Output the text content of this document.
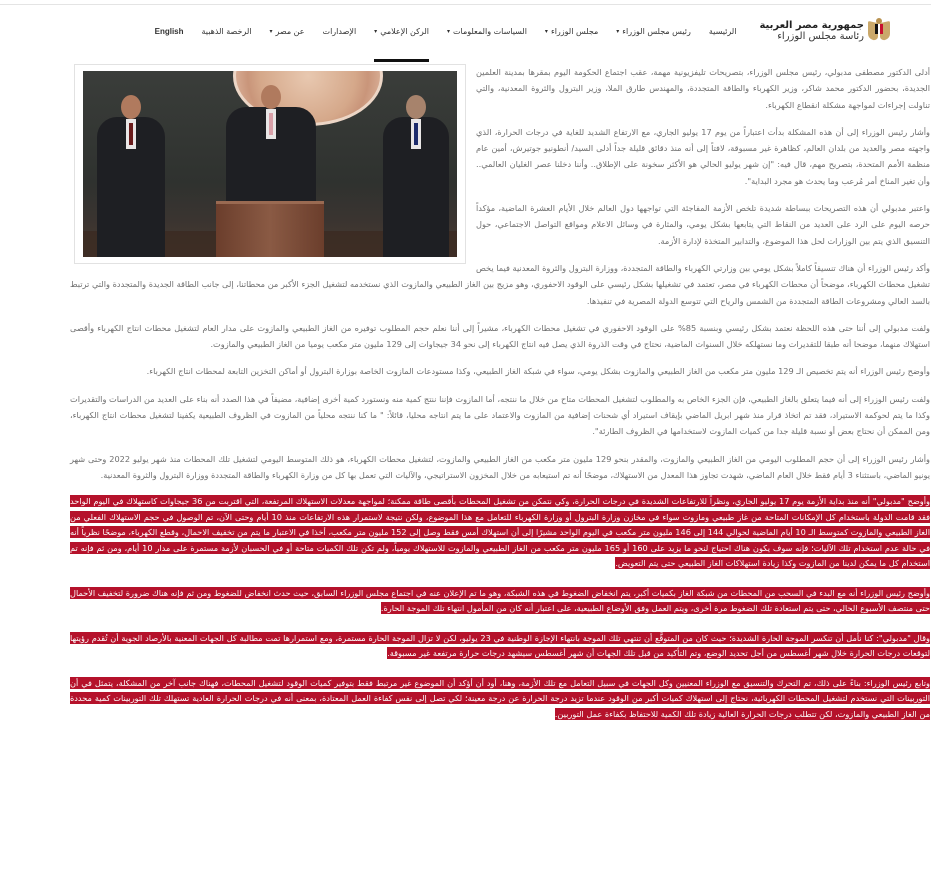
جمهورية مصر العربية
رئاسة مجلس الوزراء
الرئيسية
رئيس مجلس الوزراء
▾
مجلس الوزراء
▾
السياسات والمعلومات
▾
الركن الإعلامي
▾
الإصدارات
عن مصر
▾
الرخصة الذهبية
English

أدلى الدكتور مصطفى مدبولي، رئيس مجلس الوزراء، بتصريحات تليفزيونية مهمة، عقب اجتماع الحكومة اليوم بمقرها بمدينة العلمين الجديدة، بحضور الدكتور محمد شاكر، وزير الكهرباء والطاقة المتجددة، والمهندس طارق الملا، وزير البترول والثروة المعدنية، والتي تناولت إجراءات لمواجهة مشكلة انقطاع الكهرباء.

وأشار رئيس الوزراء إلى أن هذه المشكلة بدأت اعتباراً من يوم 17 يوليو الجاري، مع الارتفاع الشديد للغاية في درجات الحرارة، الذي واجهته مصر والعديد من بلدان العالم، كظاهرة غير مسبوقة، لافتاً إلى أنه منذ دقائق قليلة جداً أدلى السيد/ أنطونيو جوتيرش، أمين عام منظمة الأمم المتحدة، بتصريح مهم، قال فيه: "إن شهر يوليو الحالي هو الأكثر سخونة على الإطلاق.. وأننا دخلنا عصر الغليان العالمي.. وأن تغير المناخ أمر مُرعب وما يحدث هو مجرد البداية".

واعتبر مدبولي أن هذه التصريحات ببساطة شديدة تلخص الأزمة المفاجئة التي تواجهها دول العالم خلال الأيام العشرة الماضية، مؤكداً حرصه اليوم على الرد على العديد من النقاط التي يتابعها بشكل يومي، والمثارة في وسائل الاعلام ومواقع التواصل الاجتماعي، حول التنسيق الذي يتم بين الوزارات لحل هذا الموضوع، والتدابير المتخذة لإدارة الأزمة.

وأكد رئيس الوزراء أن هناك تنسيقاً كاملاً بشكل يومي بين وزارتي الكهرباء والطاقة المتجددة، ووزارة البترول والثروة المعدنية فيما يخص تشغيل محطات الكهرباء، موضحاً أن محطات الكهرباء في مصر، تعتمد في تشغيلها بشكل رئيسي على الوقود الاحفوري، وهو مزيج بين الغاز الطبيعي والمازوت الذي نستخدمه لتشغيل الجزء الأكبر من محطاتنا، إلى جانب الطاقة الجديدة والمتجددة والتي ترتبط بالسد العالي ومشروعات الطاقة المتجددة من الشمس والرياح التي تتوسع الدولة المصرية في تنفيذها.

ولفت مدبولي إلى أننا حتى هذه اللحظة نعتمد بشكل رئيسي وبنسبة 85% على الوقود الاحفوري في تشغيل محطات الكهرباء، مشيراً إلى أننا نعلم حجم المطلوب توفيره من الغاز الطبيعي والمازوت على مدار العام لتشغيل محطات انتاج الكهرباء وأقصى استهلاك منهما، موضحا أنه طبقا للتقديرات وما نستهلكه خلال السنوات الماضية، نحتاج في وقت الذروة الذي يصل فيه انتاج الكهرباء إلى نحو 34 جيجاوات إلى 129 مليون متر مكعب يوميا من الغاز الطبيعي والمازوت.

وأوضح رئيس الوزراء أنه يتم تخصيص الـ 129 مليون متر مكعب من الغاز الطبيعي والمازوت بشكل يومي، سواء في شبكة الغاز الطبيعي، وكذا مستودعات المازوت الخاصة بوزارة البترول أو أماكن التخزين التابعة لمحطات انتاج الكهرباء.

ولفت رئيس الوزراء إلى أنه فيما يتعلق بالغاز الطبيعي، فإن الجزء الخاص به والمطلوب لتشغيل المحطات متاح من خلال ما ننتجه، أما المازوت فإننا ننتج كمية منه ونستورد كمية أخرى إضافية، مضيفاً في هذا الصدد أنه بناء على العديد من الدراسات والتقديرات وكذا ما يتم لحوكمة الاستيراد، فقد تم اتخاذ قرار منذ شهر ابريل الماضي بإيقاف استيراد أي شحنات إضافية من المازوت والاعتماد على ما يتم انتاجه محليا، قائلاً: " ما كنا ننتجه محلياً من المازوت في الظروف الطبيعية يكفينا لتشغيل محطات انتاج الكهرباء، ومن الممكن أن نحتاج بعض أو نسبة قليلة جدا من كميات المازوت لاستخدامها في الظروف الطارئة".

وأشار رئيس الوزراء إلى أن حجم المطلوب اليومي من الغاز الطبيعي والمازوت، والمقدر بنحو 129 مليون متر مكعب من الغاز الطبيعي والمازوت، لتشغيل محطات الكهرباء، هو ذلك المتوسط اليومي لتشغيل تلك المحطات منذ شهر يوليو 2022 وحتى شهر يونيو الماضي، باستثناء 3 أيام فقط خلال العام الماضي، شهدت تجاوز هذا المعدل من الاستهلاك، موضحًا أنه تم استيعابه من خلال المخزون الاستراتيجي، والآليات التي تعمل بها كل من وزارة الكهرباء والطاقة المتجددة ووزارة البترول والثروة المعدنية.

وأوضح "مدبولي" أنه منذ بداية الأزمة يوم 17 يوليو الجاري، ونظراً للارتفاعات الشديدة في درجات الحرارة، وكي نتمكن من تشغيل المحطات بأقصى طاقة ممكنة؛ لمواجهة معدلات الاستهلاك المرتفعة، التي اقتربت من 36 جيجاوات كاستهلاك في اليوم الواحد فقد قامت الدولة باستخدام كل الإمكانات المتاحة من غاز طبيعي ومازوت سواء في مخازن وزارة البترول أو وزارة الكهرباء للتعامل مع هذا الموضوع، ولكن نتيجة لاستمرار هذه الارتفاعات منذ 10 أيام وحتى الآن، تم الوصول في حجم الاستهلاك الفعلي من الغاز الطبيعي والمازوت كمتوسط الـ 10 أيام الماضية لحوالي 144 إلى 146 مليون متر مكعب في اليوم الواحد مشيرًا إلى أن استهلاك أمس فقط وصل إلى 152 مليون متر مكعب، أخذا في الاعتبار ما يتم من تخفيف الاحمال، وقطع الكهرباء، موضحًا نظرياً أنه في حالة عدم استخدام تلك الآليات؛ فإنه سوف يكون هناك احتياج لنحو ما يزيد على 160 أو 165 مليون متر مكعب من الغاز الطبيعي والمازوت للاستهلاك يومياً، ولم تكن تلك الكميات متاحة أو في الحسبان لأزمة مستمرة على مدار 10 أيام، ومن ثم فإنه تم استخدام كل ما يمكن لدينا من المازوت وكذا زيادة استهلاكات الغاز الطبيعي حتى يتم التعويض.

وأوضح رئيس الوزراء أنه مع البدء في السحب من المحطات من شبكة الغاز بكميات أكبر، يتم انخفاض الضغوط في هذه الشبكة، وهو ما تم الإعلان عنه في اجتماع مجلس الوزراء السابق، حيث حدث انخفاض للضغوط ومن ثم فإنه هناك ضرورة لتخفيف الأحمال حتى منتصف الأسبوع الحالي، حتى يتم استعادة تلك الضغوط مرة أخرى، ويتم العمل وفق الأوضاع الطبيعية، على اعتبار أنه كان من المأمول انتهاء تلك الموجة الحارة.

وقال "مدبولي": كنا نأمل أن تنكسر الموجة الحارة الشديدة؛ حيث كان من المتوقَّع أن تنتهي تلك الموجة بانتهاء الإجازة الوطنية في 23 يوليو، لكن لا تزال الموجة الحارة مستمرة، ومع استمرارها تمت مطالبة كل الجهات المعنية بالأرصاد الجوية أن تُقدم رؤيتها لتوقعات درجات الحرارة خلال شهر أغسطس من أجل تحديد الوضع، وتم التأكيد من قبل تلك الجهات أن شهر أغسطس سيشهد درجات حرارة مرتفعة غير مسبوقة.

وتابع رئيس الوزراء: بناءً على ذلك، تم التحرك والتنسيق مع الوزراء المعنيين وكل الجهات في سبيل التعامل مع تلك الأزمة، وهنا، أود أن أؤكد أن الموضوع غير مرتبط فقط بتوفير كميات الوقود لتشغيل المحطات، فهناك جانب آخر من المشكلة، يتمثل في أن التوربينات التي نستخدم لتشغيل المحطات الكهربائية، نحتاج إلى استهلاك كميات أكبر من الوقود عندما تزيد درجة الحرارة عن درجة معينة؛ لكي تصل إلى نفس كفاءة العمل المعتادة، بمعنى أنه في درجات الحرارة العادية تستهلك تلك التوربينات كمية محددة من الغاز الطبيعي والمازوت، لكن تتطلب درجات الحرارة العالية زيادة تلك الكمية للاحتفاظ بكفاءة عمل التوربين.
